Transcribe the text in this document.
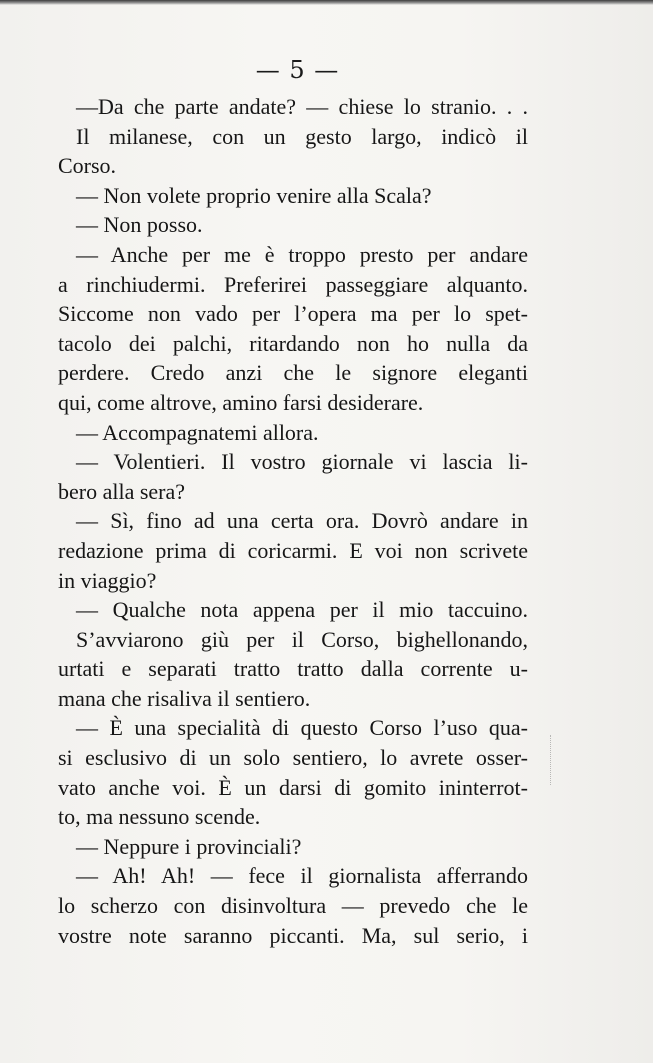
— 5 —
—Da che parte andate? — chiese lo stranio. . .
Il milanese, con un gesto largo, indicò il
Corso.
— Non volete proprio venire alla Scala?
— Non posso.
— Anche per me è troppo presto per andare
a rinchiudermi. Preferirei passeggiare alquanto.
Siccome non vado per l’opera ma per lo spet-
tacolo dei palchi, ritardando non ho nulla da
perdere. Credo anzi che le signore eleganti
qui, come altrove, amino farsi desiderare.
— Accompagnatemi allora.
— Volentieri. Il vostro giornale vi lascia li-
bero alla sera?
— Sì, fino ad una certa ora. Dovrò andare in
redazione prima di coricarmi. E voi non scrivete
in viaggio?
— Qualche nota appena per il mio taccuino.
S’avviarono giù per il Corso, bighellonando,
urtati e separati tratto tratto dalla corrente u-
mana che risaliva il sentiero.
— È una specialità di questo Corso l’uso qua-
si esclusivo di un solo sentiero, lo avrete osser-
vato anche voi. È un darsi di gomito ininterrot-
to, ma nessuno scende.
— Neppure i provinciali?
— Ah! Ah! — fece il giornalista afferrando
lo scherzo con disinvoltura — prevedo che le
vostre note saranno piccanti. Ma, sul serio, i
